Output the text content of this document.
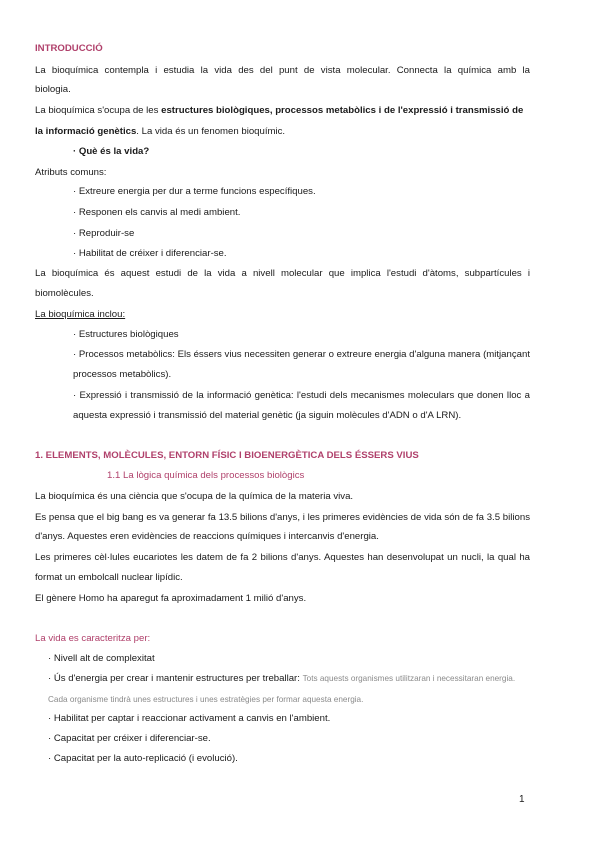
INTRODUCCIÓ
La bioquímica contempla i estudia la vida des del punt de vista molecular. Connecta la química amb la
biologia.
La bioquímica s'ocupa de les estructures biològiques, processos metabòlics i de l'expressió i transmissió de
la informació genètics. La vida és un fenomen bioquímic.
· Què és la vida?
Atributs comuns:
· Extreure energia per dur a terme funcions específiques.
· Responen els canvis al medi ambient.
· Reproduir-se
· Habilitat de créixer i diferenciar-se.
La bioquímica és aquest estudi de la vida a nivell molecular que implica l'estudi d'àtoms, subpartícules i
biomolècules.
La bioquímica inclou:
· Estructures biològiques
· Processos metabòlics: Els éssers vius necessiten generar o extreure energia d'alguna manera (mitjançant
processos metabòlics).
· Expressió i transmissió de la informació genètica: l'estudi dels mecanismes moleculars que donen lloc a
aquesta expressió i transmissió del material genètic (ja siguin molècules d'ADN o d'A LRN).
1. ELEMENTS, MOLÈCULES, ENTORN FÍSIC I BIOENERGÈTICA DELS ÉSSERS VIUS
1.1 La lògica química dels processos biològics
La bioquímica és una ciència que s'ocupa de la química de la materia viva.
Es pensa que el big bang es va generar fa 13.5 bilions d'anys, i les primeres evidències de vida són de fa 3.5 bilions
d'anys. Aquestes eren evidències de reaccions químiques i intercanvis d'energia.
Les primeres cèl·lules eucariotes les datem de fa 2 bilions d'anys. Aquestes han desenvolupat un nucli, la qual ha
format un embolcall nuclear lipídic.
El gènere Homo ha aparegut fa aproximadament 1 milió d'anys.
La vida es caracteritza per:
· Nivell alt de complexitat
· Ús d'energia per crear i mantenir estructures per treballar: Tots aquests organismes utilitzaran i necessitaran energia.
Cada organisme tindrà unes estructures i unes estratègies per formar aquesta energia.
· Habilitat per captar i reaccionar activament a canvis en l'ambient.
· Capacitat per créixer i diferenciar-se.
· Capacitat per la auto-replicació (i evolució).
1
